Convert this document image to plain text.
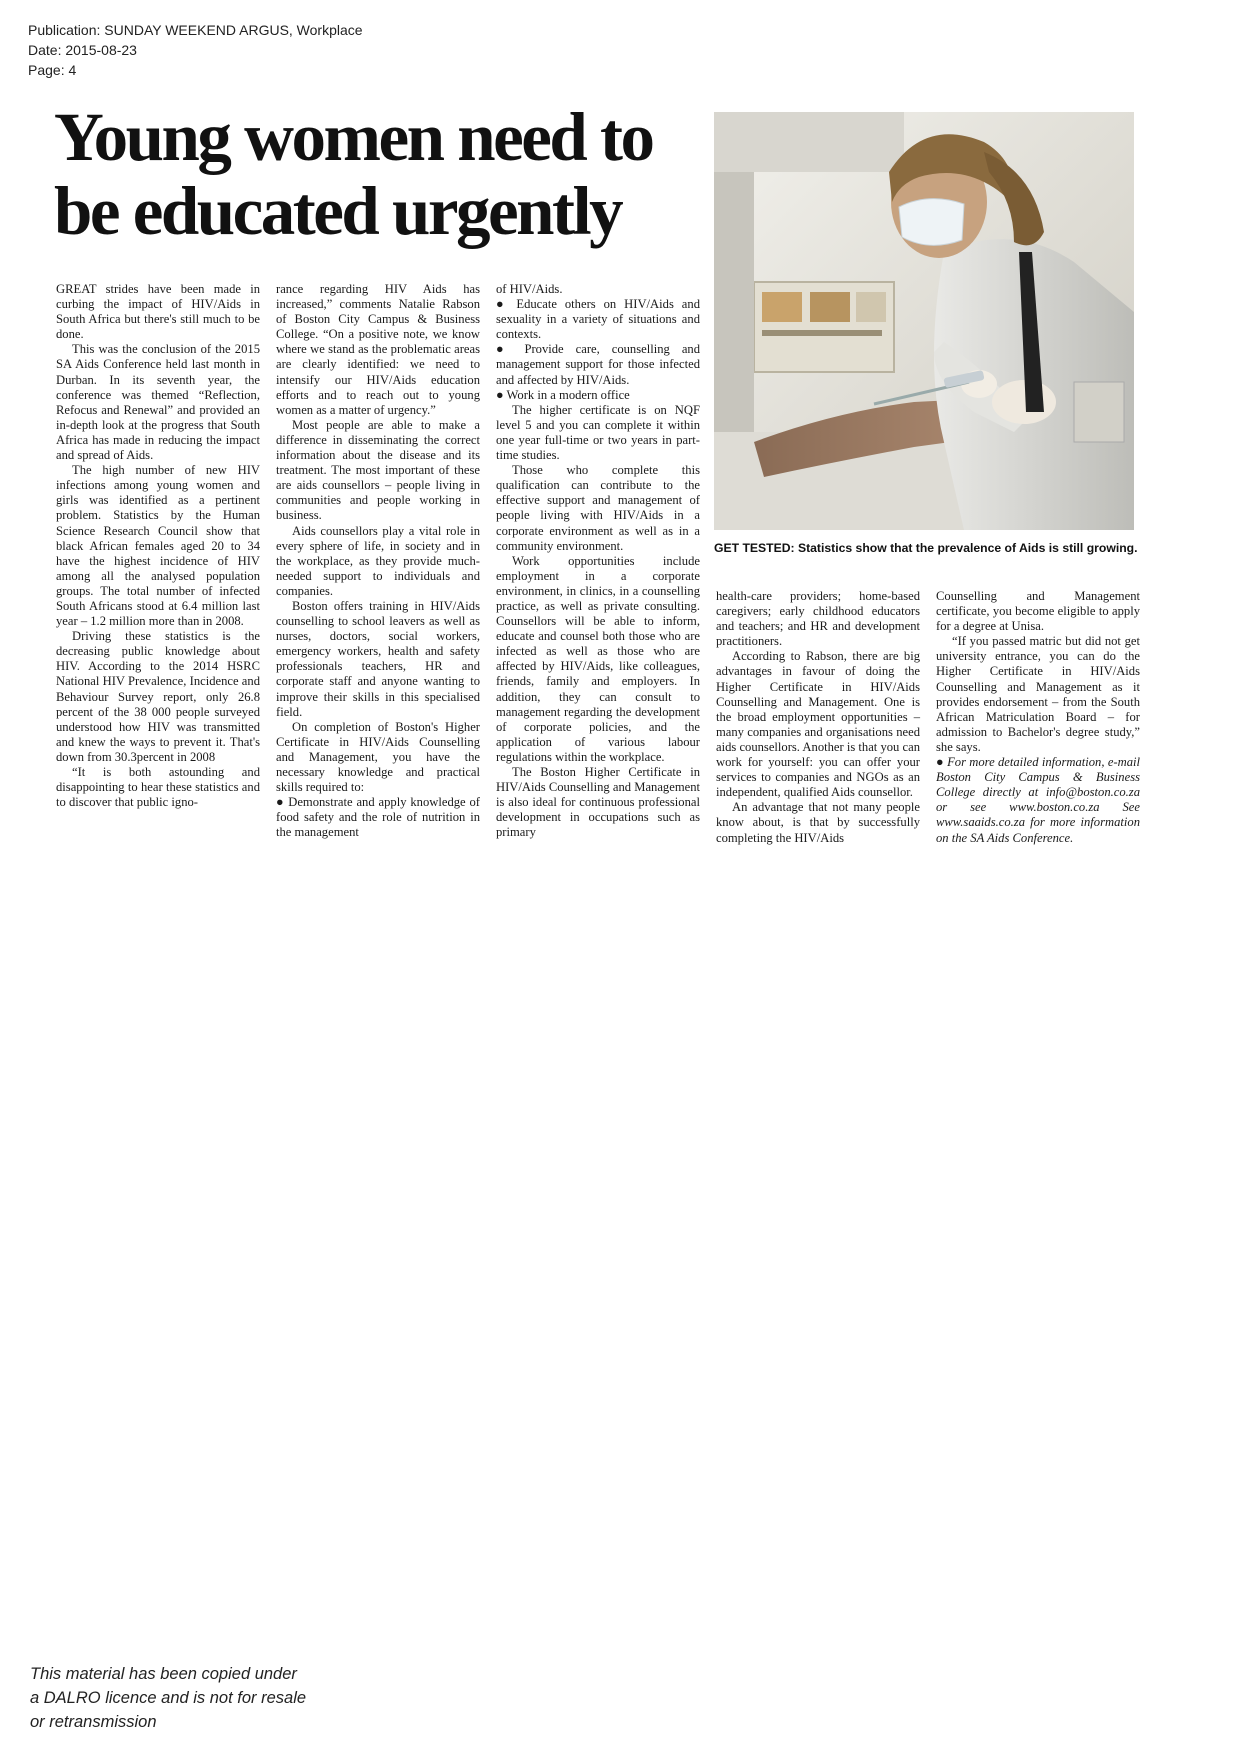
Publication: SUNDAY WEEKEND ARGUS, Workplace
Date: 2015-08-23
Page: 4
Young women need to
be educated urgently

GREAT strides have been made in curbing the impact of HIV/Aids in South Africa but there's still much to be done.

This was the conclusion of the 2015 SA Aids Conference held last month in Durban. In its seventh year, the conference was themed “Reflection, Refocus and Renewal” and provided an in-depth look at the progress that South Africa has made in reducing the impact and spread of Aids.

The high number of new HIV infections among young women and girls was identified as a pertinent problem. Statistics by the Human Science Research Council show that black African females aged 20 to 34 have the highest incidence of HIV among all the analysed population groups. The total number of infected South Africans stood at 6.4 million last year – 1.2 million more than in 2008.

Driving these statistics is the decreasing public knowledge about HIV. According to the 2014 HSRC National HIV Prevalence, Incidence and Behaviour Survey report, only 26.8 percent of the 38 000 people surveyed understood how HIV was transmitted and knew the ways to prevent it. That's down from 30.3percent in 2008

“It is both astounding and disappointing to hear these statistics and to discover that public igno-

rance regarding HIV Aids has increased,” comments Natalie Rabson of Boston City Campus & Business College. “On a positive note, we know where we stand as the problematic areas are clearly identified: we need to intensify our HIV/Aids education efforts and to reach out to young women as a matter of urgency.”

Most people are able to make a difference in disseminating the correct information about the disease and its treatment. The most important of these are aids counsellors – people living in communities and people working in business.

Aids counsellors play a vital role in every sphere of life, in society and in the workplace, as they provide much-needed support to individuals and companies.

Boston offers training in HIV/Aids counselling to school leavers as well as nurses, doctors, social workers, emergency workers, health and safety professionals teachers, HR and corporate staff and anyone wanting to improve their skills in this specialised field.

On completion of Boston's Higher Certificate in HIV/Aids Counselling and Management, you have the necessary knowledge and practical skills required to:

● Demonstrate and apply knowledge of food safety and the role of nutrition in the management

of HIV/Aids.

● Educate others on HIV/Aids and sexuality in a variety of situations and contexts.

● Provide care, counselling and management support for those infected and affected by HIV/Aids.

● Work in a modern office

The higher certificate is on NQF level 5 and you can complete it within one year full-time or two years in part-time studies.

Those who complete this qualification can contribute to the effective support and management of people living with HIV/Aids in a corporate environment as well as in a community environment.

Work opportunities include employment in a corporate environment, in clinics, in a counselling practice, as well as private consulting. Counsellors will be able to inform, educate and counsel both those who are infected as well as those who are affected by HIV/Aids, like colleagues, friends, family and employers. In addition, they can consult to management regarding the development of corporate policies, and the application of various labour regulations within the workplace.

The Boston Higher Certificate in HIV/Aids Counselling and Management is also ideal for continuous professional development in occupations such as primary

GET TESTED: Statistics show that the prevalence of Aids is still growing.

health-care providers; home-based caregivers; early childhood educators and teachers; and HR and development practitioners.

According to Rabson, there are big advantages in favour of doing the Higher Certificate in HIV/Aids Counselling and Management. One is the broad employment opportunities – many companies and organisations need aids counsellors. Another is that you can work for yourself: you can offer your services to companies and NGOs as an independent, qualified Aids counsellor.

An advantage that not many people know about, is that by successfully completing the HIV/Aids

Counselling and Management certificate, you become eligible to apply for a degree at Unisa.

“If you passed matric but did not get university entrance, you can do the Higher Certificate in HIV/Aids Counselling and Management as it provides endorsement – from the South African Matriculation Board – for admission to Bachelor's degree study,” she says.

● For more detailed information, e-mail Boston City Campus & Business College directly at info@boston.co.za or see www.boston.co.za See www.saaids.co.za for more information on the SA Aids Conference.

This material has been copied under
a DALRO licence and is not for resale
or retransmission
